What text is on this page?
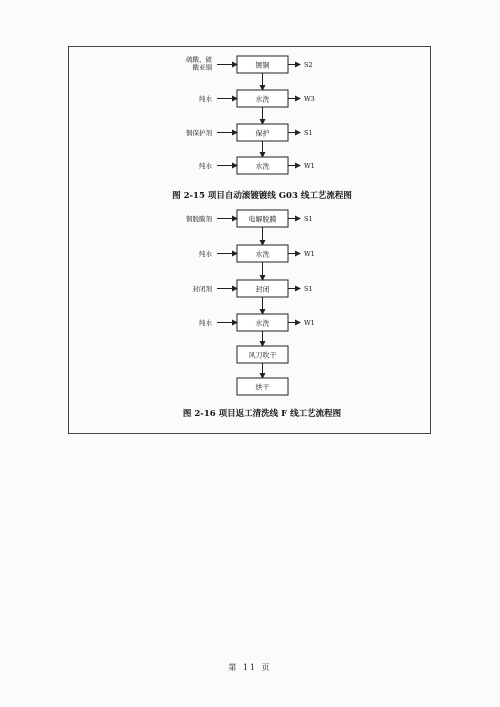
镀铜
硫酸、硫酸亚铜	S2
水洗
纯水	W3
保护
铜保护剂	S1
水洗
纯水	W1
图 2-15 项目自动滚镀镀线 G03 线工艺流程图
电解脱膜
铜脱膜剂	S1
水洗
纯水	W1
封闭
封闭剂	S1
水洗
纯水	W1
风刀吹干
烘干
图 2-16 项目返工清洗线 F 线工艺流程图
第 11 页
